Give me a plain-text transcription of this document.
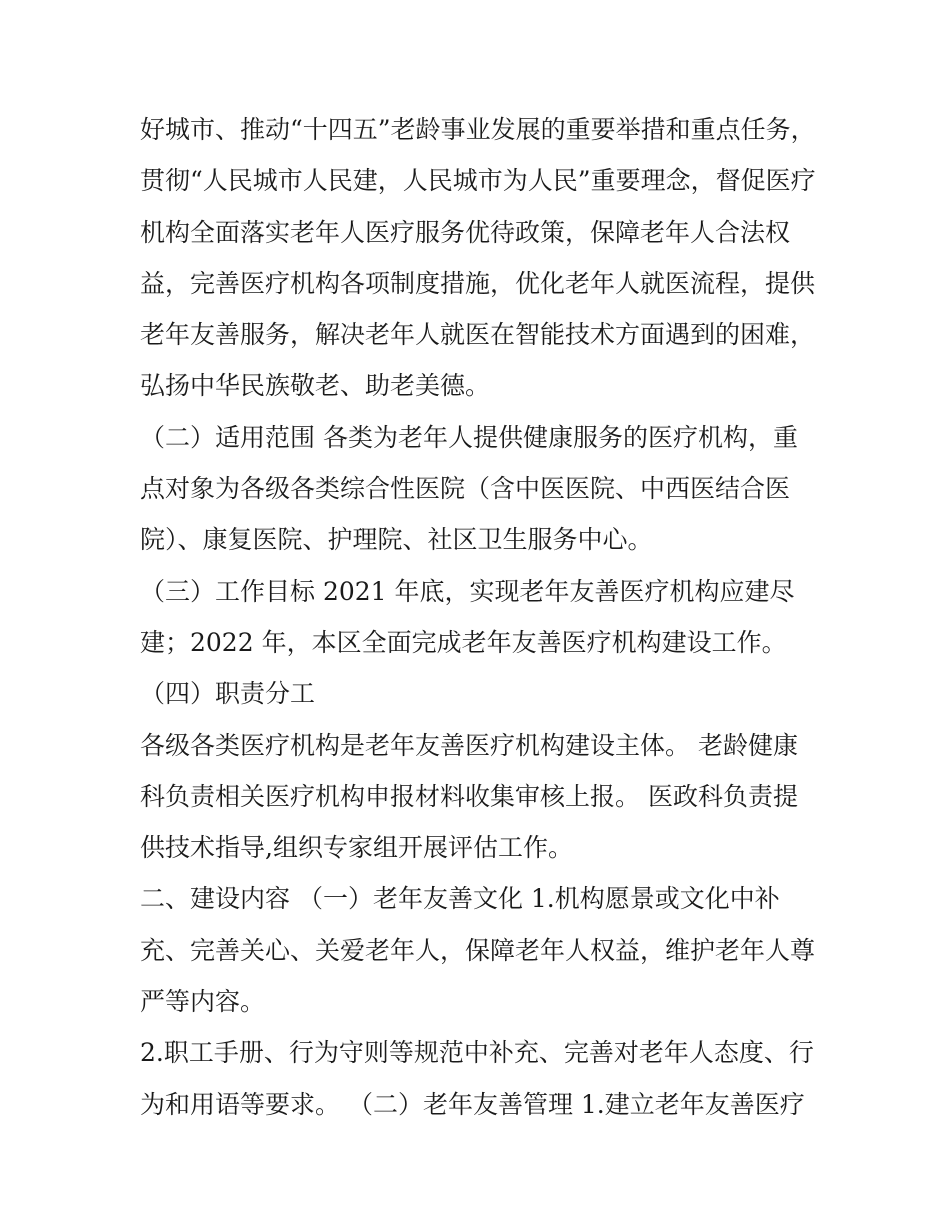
好城市、推动“十四五”老龄事业发展的重要举措和重点任务，
贯彻“人民城市人民建，人民城市为人民”重要理念，督促医疗
机构全面落实老年人医疗服务优待政策，保障老年人合法权
益，完善医疗机构各项制度措施，优化老年人就医流程，提供
老年友善服务，解决老年人就医在智能技术方面遇到的困难，
弘扬中华民族敬老、助老美德。
（二）适用范围 各类为老年人提供健康服务的医疗机构，重
点对象为各级各类综合性医院（含中医医院、中西医结合医
院）、康复医院、护理院、社区卫生服务中心。
（三）工作目标 2021 年底，实现老年友善医疗机构应建尽
建；2022 年，本区全面完成老年友善医疗机构建设工作。
（四）职责分工
各级各类医疗机构是老年友善医疗机构建设主体。 老龄健康
科负责相关医疗机构申报材料收集审核上报。 医政科负责提
供技术指导,组织专家组开展评估工作。
二、建设内容 （一）老年友善文化 1.机构愿景或文化中补
充、完善关心、关爱老年人，保障老年人权益，维护老年人尊
严等内容。
2.职工手册、行为守则等规范中补充、完善对老年人态度、行
为和用语等要求。 （二）老年友善管理 1.建立老年友善医疗
